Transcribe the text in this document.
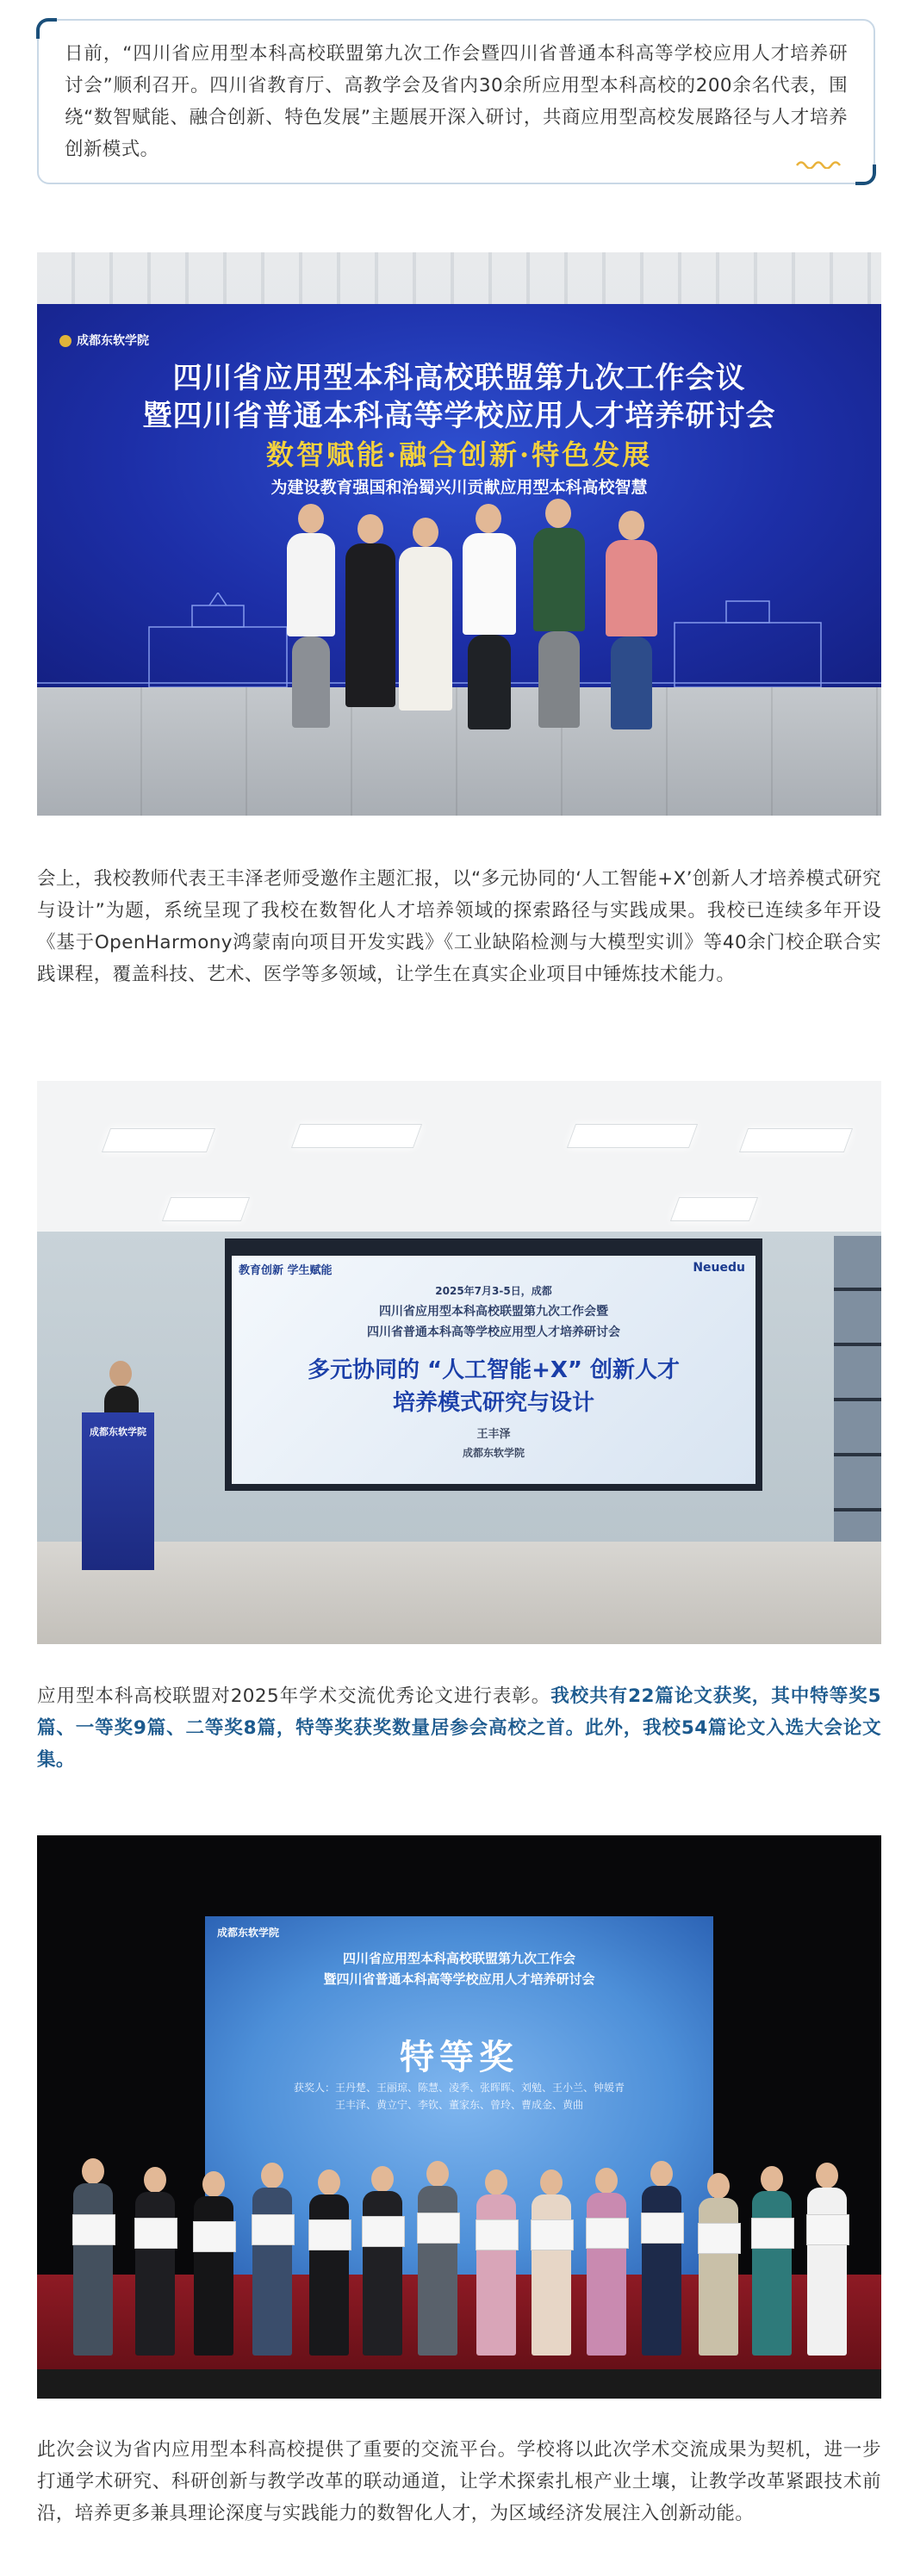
日前，“四川省应用型本科高校联盟第九次工作会暨四川省普通本科高等学校应用人才培养研讨会”顺利召开。四川省教育厅、高教学会及省内30余所应用型本科高校的200余名代表，围绕“数智赋能、融合创新、特色发展”主题展开深入研讨，共商应用型高校发展路径与人才培养创新模式。

成都东软学院
四川省应用型本科高校联盟第九次工作会议
暨四川省普通本科高等学校应用人才培养研讨会
数智赋能·融合创新·特色发展
为建设教育强国和治蜀兴川贡献应用型本科高校智慧

会上，我校教师代表王丰泽老师受邀作主题汇报，以“多元协同的‘人工智能+X’创新人才培养模式研究与设计”为题，系统呈现了我校在数智化人才培养领域的探索路径与实践成果。我校已连续多年开设《基于OpenHarmony鸿蒙南向项目开发实践》《工业缺陷检测与大模型实训》等40余门校企联合实践课程，覆盖科技、艺术、医学等多领域，让学生在真实企业项目中锤炼技术能力。

教育创新 学生赋能	Neuedu
2025年7月3-5日，成都
四川省应用型本科高校联盟第九次工作会暨
四川省普通本科高等学校应用型人才培养研讨会
多元协同的 “人工智能+X” 创新人才
培养模式研究与设计
王丰泽
成都东软学院
成都东软学院

应用型本科高校联盟对2025年学术交流优秀论文进行表彰。我校共有22篇论文获奖，其中特等奖5篇、一等奖9篇、二等奖8篇，特等奖获奖数量居参会高校之首。此外，我校54篇论文入选大会论文集。

成都东软学院
四川省应用型本科高校联盟第九次工作会
暨四川省普通本科高等学校应用人才培养研讨会
获奖人：王丹楚、王丽琼、陈慧、凌季、张晖晖、刘勉、王小兰、钟媛青
王丰泽、黄立宁、李钦、董家东、曾玲、曹成金、黄曲
特等奖

此次会议为省内应用型本科高校提供了重要的交流平台。学校将以此次学术交流成果为契机，进一步打通学术研究、科研创新与教学改革的联动通道，让学术探索扎根产业土壤，让教学改革紧跟技术前沿，培养更多兼具理论深度与实践能力的数智化人才，为区域经济发展注入创新动能。
